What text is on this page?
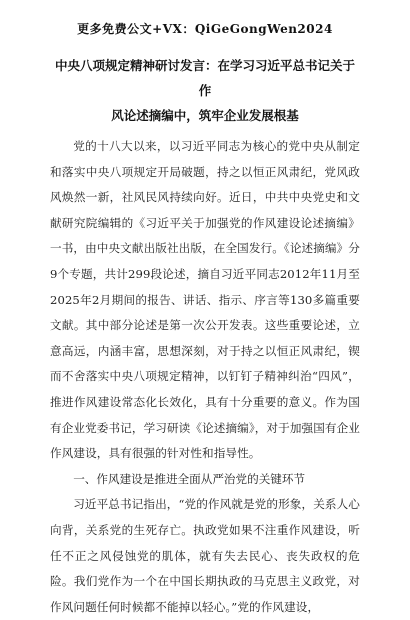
更多免费公文+VX：QiGeGongWen2024
中央八项规定精神研讨发言：在学习习近平总书记关于作
风论述摘编中，筑牢企业发展根基

党的十八大以来，以习近平同志为核心的党中央从制定和落实中央八项规定开局破题，持之以恒正风肃纪，党风政风焕然一新，社风民风持续向好。近日，中共中央党史和文献研究院编辑的《习近平关于加强党的作风建设论述摘编》一书，由中央文献出版社出版，在全国发行。《论述摘编》分9个专题，共计299段论述，摘自习近平同志2012年11月至2025年2月期间的报告、讲话、指示、序言等130多篇重要文献。其中部分论述是第一次公开发表。这些重要论述，立意高远，内涵丰富，思想深刻，对于持之以恒正风肃纪，锲而不舍落实中央八项规定精神，以钉钉子精神纠治“四风”，推进作风建设常态化长效化，具有十分重要的意义。作为国有企业党委书记，学习研读《论述摘编》，对于加强国有企业作风建设，具有很强的针对性和指导性。

一、作风建设是推进全面从严治党的关键环节

习近平总书记指出，“党的作风就是党的形象，关系人心向背，关系党的生死存亡。执政党如果不注重作风建设，听任不正之风侵蚀党的肌体，就有失去民心、丧失政权的危险。我们党作为一个在中国长期执政的马克思主义政党，对作风问题任何时候都不能掉以轻心。”党的作风建设，
